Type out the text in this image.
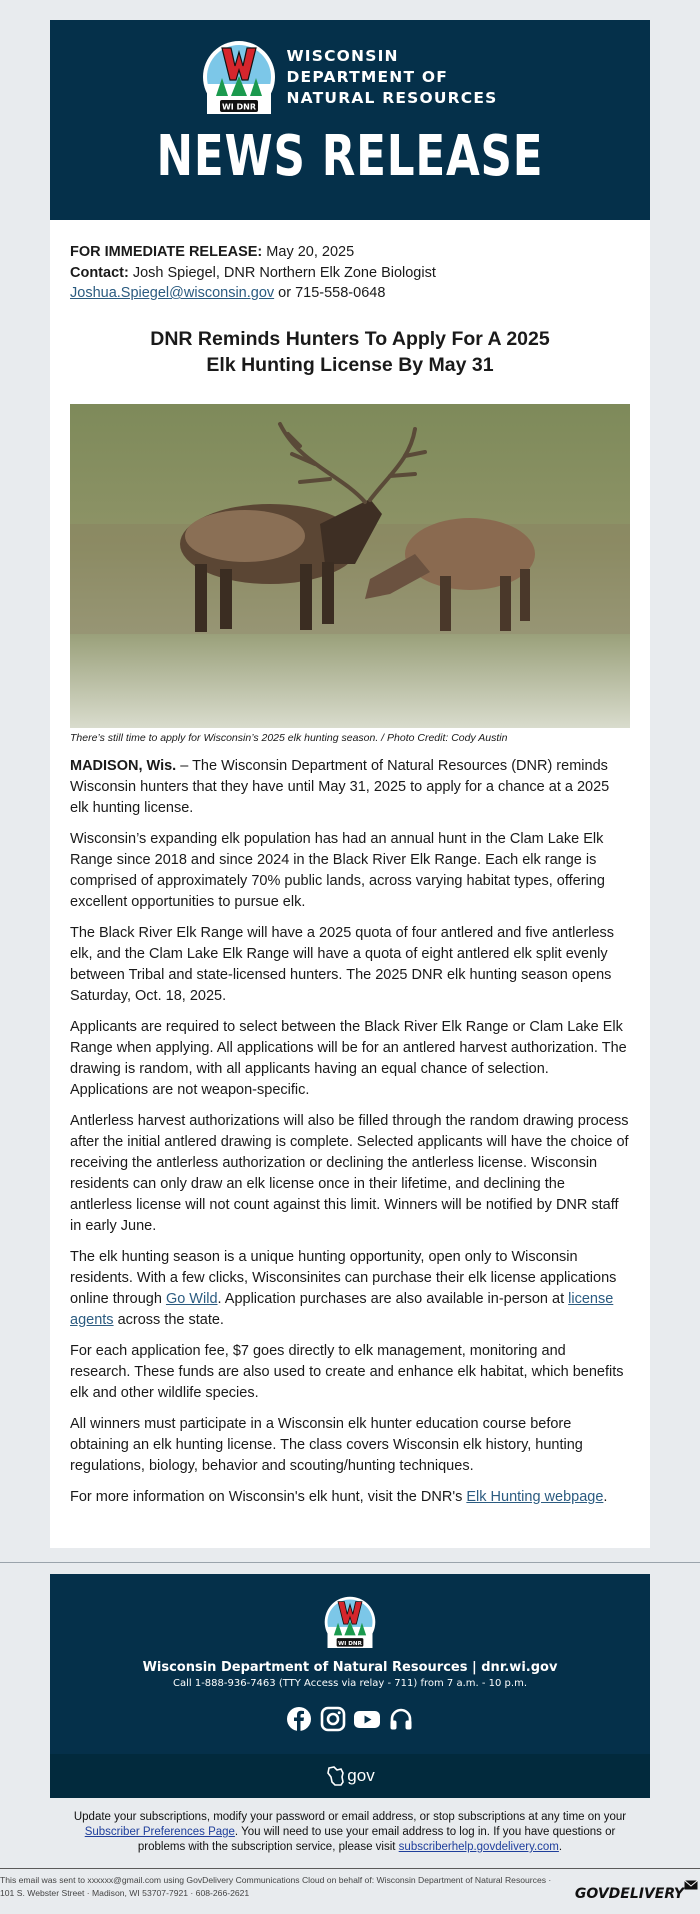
WI DNR
WISCONSIN
DEPARTMENT OF
NATURAL RESOURCES
NEWS RELEASE
FOR IMMEDIATE RELEASE: May 20, 2025
Contact: Josh Spiegel, DNR Northern Elk Zone Biologist
Joshua.Spiegel@wisconsin.gov or 715-558-0648
DNR Reminds Hunters To Apply For A 2025
Elk Hunting License By May 31
There’s still time to apply for Wisconsin’s 2025 elk hunting season. / Photo Credit: Cody Austin

MADISON, Wis. – The Wisconsin Department of Natural Resources (DNR) reminds Wisconsin hunters that they have until May 31, 2025 to apply for a chance at a 2025 elk hunting license.

Wisconsin’s expanding elk population has had an annual hunt in the Clam Lake Elk Range since 2018 and since 2024 in the Black River Elk Range. Each elk range is comprised of approximately 70% public lands, across varying habitat types, offering excellent opportunities to pursue elk.

The Black River Elk Range will have a 2025 quota of four antlered and five antlerless elk, and the Clam Lake Elk Range will have a quota of eight antlered elk split evenly between Tribal and state-licensed hunters. The 2025 DNR elk hunting season opens Saturday, Oct. 18, 2025.

Applicants are required to select between the Black River Elk Range or Clam Lake Elk Range when applying. All applications will be for an antlered harvest authorization. The drawing is random, with all applicants having an equal chance of selection. Applications are not weapon-specific.

Antlerless harvest authorizations will also be filled through the random drawing process after the initial antlered drawing is complete. Selected applicants will have the choice of receiving the antlerless authorization or declining the antlerless license. Wisconsin residents can only draw an elk license once in their lifetime, and declining the antlerless license will not count against this limit. Winners will be notified by DNR staff in early June.

The elk hunting season is a unique hunting opportunity, open only to Wisconsin residents. With a few clicks, Wisconsinites can purchase their elk license applications online through Go Wild. Application purchases are also available in-person at license agents across the state.

For each application fee, $7 goes directly to elk management, monitoring and research. These funds are also used to create and enhance elk habitat, which benefits elk and other wildlife species.

All winners must participate in a Wisconsin elk hunter education course before obtaining an elk hunting license. The class covers Wisconsin elk history, hunting regulations, biology, behavior and scouting/hunting techniques.

For more information on Wisconsin's elk hunt, visit the DNR's Elk Hunting webpage.

WI DNR
Wisconsin Department of Natural Resources | dnr.wi.gov
Call 1-888-936-7463 (TTY Access via relay - 711) from 7 a.m. - 10 p.m.
gov
Update your subscriptions, modify your password or email address, or stop subscriptions at any time on your Subscriber Preferences Page. You will need to use your email address to log in. If you have questions or problems with the subscription service, please visit subscriberhelp.govdelivery.com.
This email was sent to xxxxxx@gmail.com using GovDelivery Communications Cloud on behalf of: Wisconsin Department of Natural Resources · 101 S. Webster Street · Madison, WI 53707-7921 · 608-266-2621	GOVDELIVERY
